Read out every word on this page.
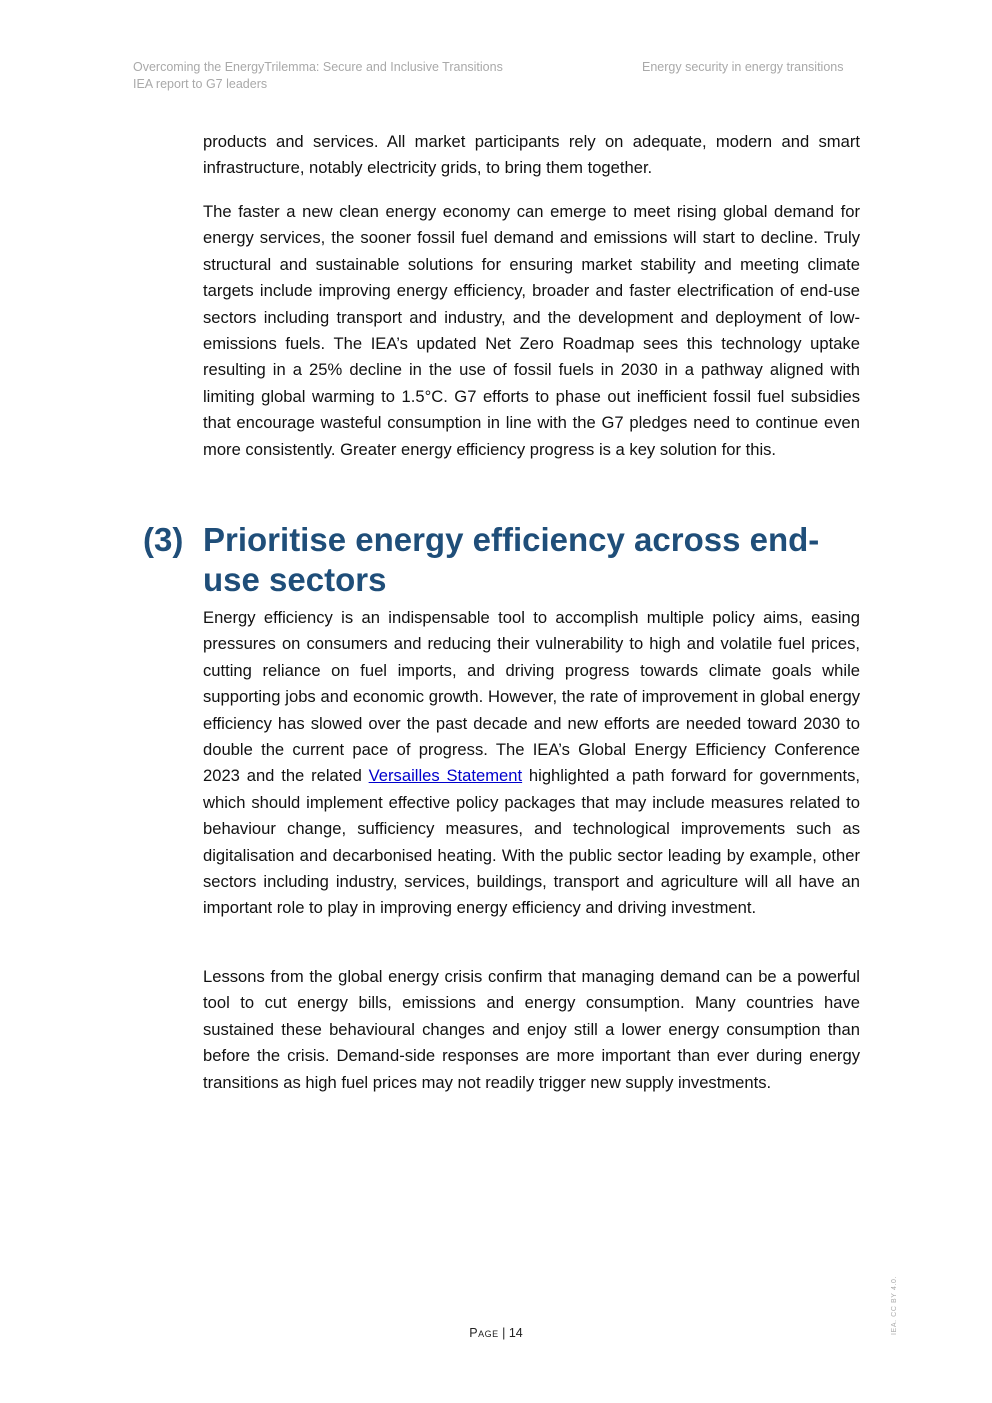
Overcoming the EnergyTrilemma: Secure and Inclusive Transitions
IEA report to G7 leaders
Energy security in energy transitions

products and services. All market participants rely on adequate, modern and smart infrastructure, notably electricity grids, to bring them together.

The faster a new clean energy economy can emerge to meet rising global demand for energy services, the sooner fossil fuel demand and emissions will start to decline. Truly structural and sustainable solutions for ensuring market stability and meeting climate targets include improving energy efficiency, broader and faster electrification of end-use sectors including transport and industry, and the development and deployment of low-emissions fuels. The IEA’s updated Net Zero Roadmap sees this technology uptake resulting in a 25% decline in the use of fossil fuels in 2030 in a pathway aligned with limiting global warming to 1.5°C. G7 efforts to phase out inefficient fossil fuel subsidies that encourage wasteful consumption in line with the G7 pledges need to continue even more consistently. Greater energy efficiency progress is a key solution for this.

(3) Prioritise energy efficiency across end-use sectors

Energy efficiency is an indispensable tool to accomplish multiple policy aims, easing pressures on consumers and reducing their vulnerability to high and volatile fuel prices, cutting reliance on fuel imports, and driving progress towards climate goals while supporting jobs and economic growth. However, the rate of improvement in global energy efficiency has slowed over the past decade and new efforts are needed toward 2030 to double the current pace of progress. The IEA’s Global Energy Efficiency Conference 2023 and the related Versailles Statement highlighted a path forward for governments, which should implement effective policy packages that may include measures related to behaviour change, sufficiency measures, and technological improvements such as digitalisation and decarbonised heating. With the public sector leading by example, other sectors including industry, services, buildings, transport and agriculture will all have an important role to play in improving energy efficiency and driving investment.

Lessons from the global energy crisis confirm that managing demand can be a powerful tool to cut energy bills, emissions and energy consumption. Many countries have sustained these behavioural changes and enjoy still a lower energy consumption than before the crisis. Demand-side responses are more important than ever during energy transitions as high fuel prices may not readily trigger new supply investments.

Page | 14	IEA. CC BY 4.0.
